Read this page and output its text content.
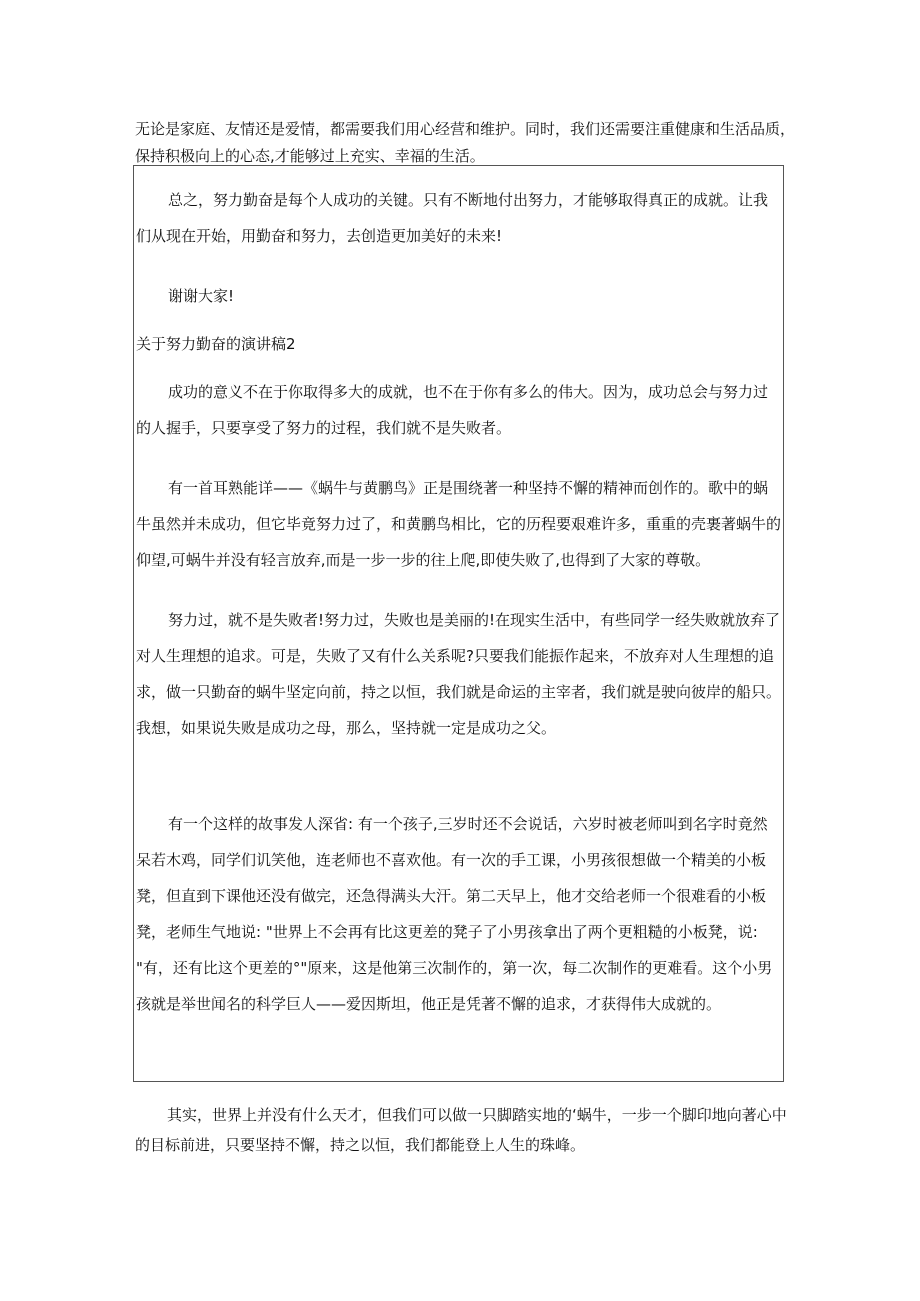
无论是家庭、友情还是爱情，都需要我们用心经营和维护。同时，我们还需要注重健康和生活品质，保持积极向上的心态,才能够过上充实、幸福的生活。

总之，努力勤奋是每个人成功的关键。只有不断地付出努力，才能够取得真正的成就。让我们从现在开始，用勤奋和努力，去创造更加美好的未来!

谢谢大家!

关于努力勤奋的演讲稿2

成功的意义不在于你取得多大的成就，也不在于你有多么的伟大。因为，成功总会与努力过的人握手，只要享受了努力的过程，我们就不是失败者。

有一首耳熟能详——《蜗牛与黄鹏鸟》正是围绕著一种坚持不懈的精神而创作的。歌中的蜗牛虽然并未成功，但它毕竟努力过了，和黄鹏鸟相比，它的历程要艰难许多，重重的壳裹著蜗牛的仰望,可蜗牛并没有轻言放弃,而是一步一步的往上爬,即使失败了,也得到了大家的尊敬。

努力过，就不是失败者!努力过，失败也是美丽的!在现实生活中，有些同学一经失败就放弃了对人生理想的追求。可是，失败了又有什么关系呢?只要我们能振作起来，不放弃对人生理想的追求，做一只勤奋的蜗牛坚定向前，持之以恒，我们就是命运的主宰者，我们就是驶向彼岸的船只。我想，如果说失败是成功之母，那么，坚持就一定是成功之父。

有一个这样的故事发人深省: 有一个孩子,三岁时还不会说话，六岁时被老师叫到名字时竟然呆若木鸡，同学们讥笑他，连老师也不喜欢他。有一次的手工课，小男孩很想做一个精美的小板凳，但直到下课他还没有做完，还急得满头大汗。第二天早上，他才交给老师一个很难看的小板凳，老师生气地说: "世界上不会再有比这更差的凳子了小男孩拿出了两个更粗糙的小板凳，说: "有，还有比这个更差的°"原来，这是他第三次制作的，第一次，每二次制作的更难看。这个小男孩就是举世闻名的科学巨人——爱因斯坦，他正是凭著不懈的追求，才获得伟大成就的。

其实，世界上并没有什么天才，但我们可以做一只脚踏实地的‘蜗牛，一步一个脚印地向著心中的目标前进，只要坚持不懈，持之以恒，我们都能登上人生的珠峰。
